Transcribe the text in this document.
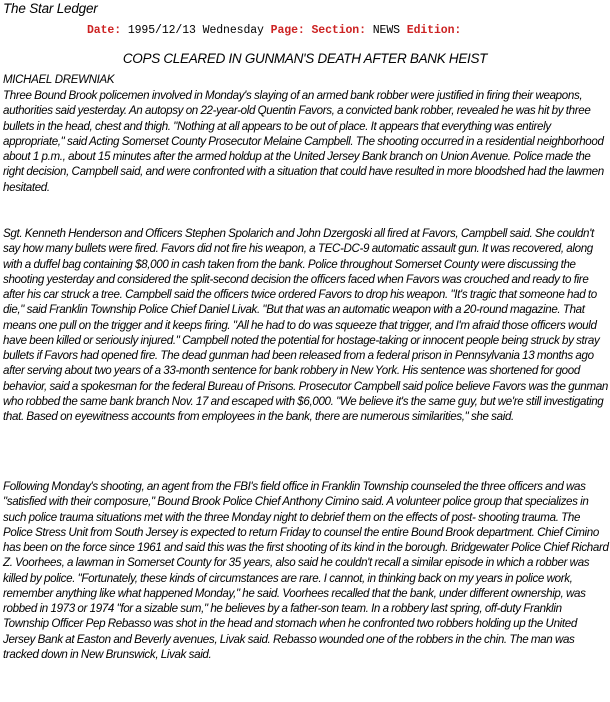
The Star Ledger
Date: 1995/12/13 Wednesday Page: Section: NEWS Edition:
COPS CLEARED IN GUNMAN'S DEATH AFTER BANK HEIST
MICHAEL DREWNIAK
Three Bound Brook policemen involved in Monday's slaying of an armed bank robber were justified in firing their weapons, authorities said yesterday. An autopsy on 22-year-old Quentin Favors, a convicted bank robber, revealed he was hit by three bullets in the head, chest and thigh. "Nothing at all appears to be out of place. It appears that everything was entirely appropriate," said Acting Somerset County Prosecutor Melaine Campbell. The shooting occurred in a residential neighborhood about 1 p.m., about 15 minutes after the armed holdup at the United Jersey Bank branch on Union Avenue. Police made the right decision, Campbell said, and were confronted with a situation that could have resulted in more bloodshed had the lawmen hesitated.
Sgt. Kenneth Henderson and Officers Stephen Spolarich and John Dzergoski all fired at Favors, Campbell said. She couldn't say how many bullets were fired. Favors did not fire his weapon, a TEC-DC-9 automatic assault gun. It was recovered, along with a duffel bag containing $8,000 in cash taken from the bank. Police throughout Somerset County were discussing the shooting yesterday and considered the split-second decision the officers faced when Favors was crouched and ready to fire after his car struck a tree. Campbell said the officers twice ordered Favors to drop his weapon. "It's tragic that someone had to die," said Franklin Township Police Chief Daniel Livak. "But that was an automatic weapon with a 20-round magazine. That means one pull on the trigger and it keeps firing. "All he had to do was squeeze that trigger, and I'm afraid those officers would have been killed or seriously injured." Campbell noted the potential for hostage-taking or innocent people being struck by stray bullets if Favors had opened fire. The dead gunman had been released from a federal prison in Pennsylvania 13 months ago after serving about two years of a 33-month sentence for bank robbery in New York. His sentence was shortened for good behavior, said a spokesman for the federal Bureau of Prisons. Prosecutor Campbell said police believe Favors was the gunman who robbed the same bank branch Nov. 17 and escaped with $6,000. "We believe it's the same guy, but we're still investigating that. Based on eyewitness accounts from employees in the bank, there are numerous similarities," she said.
Following Monday's shooting, an agent from the FBI's field office in Franklin Township counseled the three officers and was "satisfied with their composure," Bound Brook Police Chief Anthony Cimino said. A volunteer police group that specializes in such police trauma situations met with the three Monday night to debrief them on the effects of post- shooting trauma. The Police Stress Unit from South Jersey is expected to return Friday to counsel the entire Bound Brook department. Chief Cimino has been on the force since 1961 and said this was the first shooting of its kind in the borough. Bridgewater Police Chief Richard Z. Voorhees, a lawman in Somerset County for 35 years, also said he couldn't recall a similar episode in which a robber was killed by police. "Fortunately, these kinds of circumstances are rare. I cannot, in thinking back on my years in police work, remember anything like what happened Monday," he said. Voorhees recalled that the bank, under different ownership, was robbed in 1973 or 1974 "for a sizable sum," he believes by a father-son team. In a robbery last spring, off-duty Franklin Township Officer Pep Rebasso was shot in the head and stomach when he confronted two robbers holding up the United Jersey Bank at Easton and Beverly avenues, Livak said. Rebasso wounded one of the robbers in the chin. The man was tracked down in New Brunswick, Livak said.
